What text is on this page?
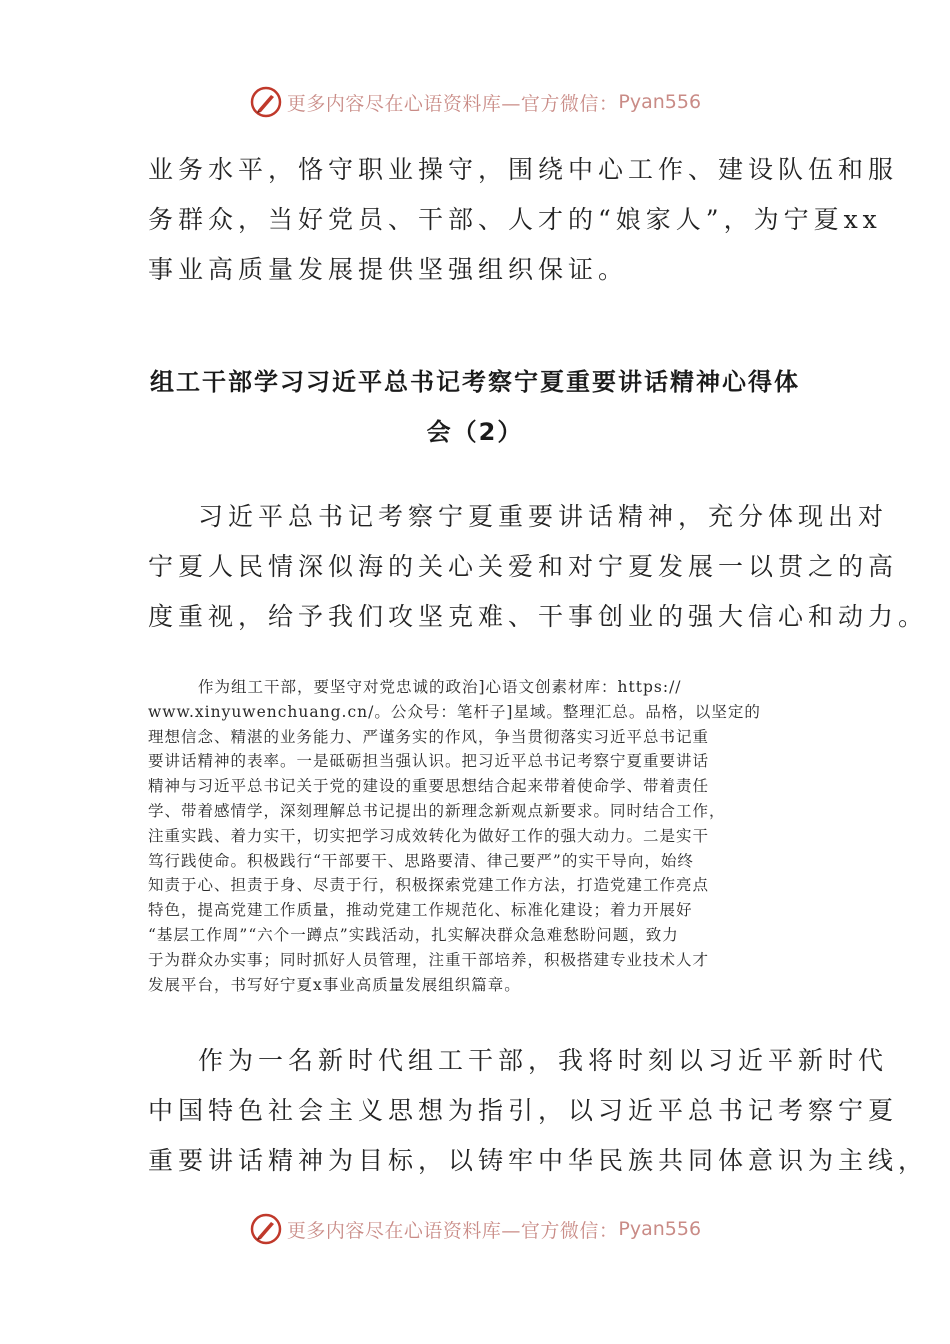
更多内容尽在心语资料库—官方微信： Pyan556
业务水平，恪守职业操守，围绕中心工作、建设队伍和服
务群众，当好党员、干部、人才的“娘家人”，为宁夏xx
事业高质量发展提供坚强组织保证。
组工干部学习习近平总书记考察宁夏重要讲话精神心得体
会（2）
习近平总书记考察宁夏重要讲话精神，充分体现出对
宁夏人民情深似海的关心关爱和对宁夏发展一以贯之的高
度重视，给予我们攻坚克难、干事创业的强大信心和动力。
作为组工干部，要坚守对党忠诚的政治]心语文创素材库：https://
www.xinyuwenchuang.cn/。公众号：笔杆子]星域。整理汇总。品格，以坚定的
理想信念、精湛的业务能力、严谨务实的作风，争当贯彻落实习近平总书记重
要讲话精神的表率。一是砥砺担当强认识。把习近平总书记考察宁夏重要讲话
精神与习近平总书记关于党的建设的重要思想结合起来带着使命学、带着责任
学、带着感情学，深刻理解总书记提出的新理念新观点新要求。同时结合工作，
注重实践、着力实干，切实把学习成效转化为做好工作的强大动力。二是实干
笃行践使命。积极践行“干部要干、思路要清、律己要严”的实干导向，始终
知责于心、担责于身、尽责于行，积极探索党建工作方法，打造党建工作亮点
特色，提高党建工作质量，推动党建工作规范化、标准化建设；着力开展好
“基层工作周”“六个一蹲点”实践活动，扎实解决群众急难愁盼问题，致力
于为群众办实事；同时抓好人员管理，注重干部培养，积极搭建专业技术人才
发展平台，书写好宁夏x事业高质量发展组织篇章。
作为一名新时代组工干部，我将时刻以习近平新时代
中国特色社会主义思想为指引，以习近平总书记考察宁夏
重要讲话精神为目标，以铸牢中华民族共同体意识为主线，
更多内容尽在心语资料库—官方微信： Pyan556
